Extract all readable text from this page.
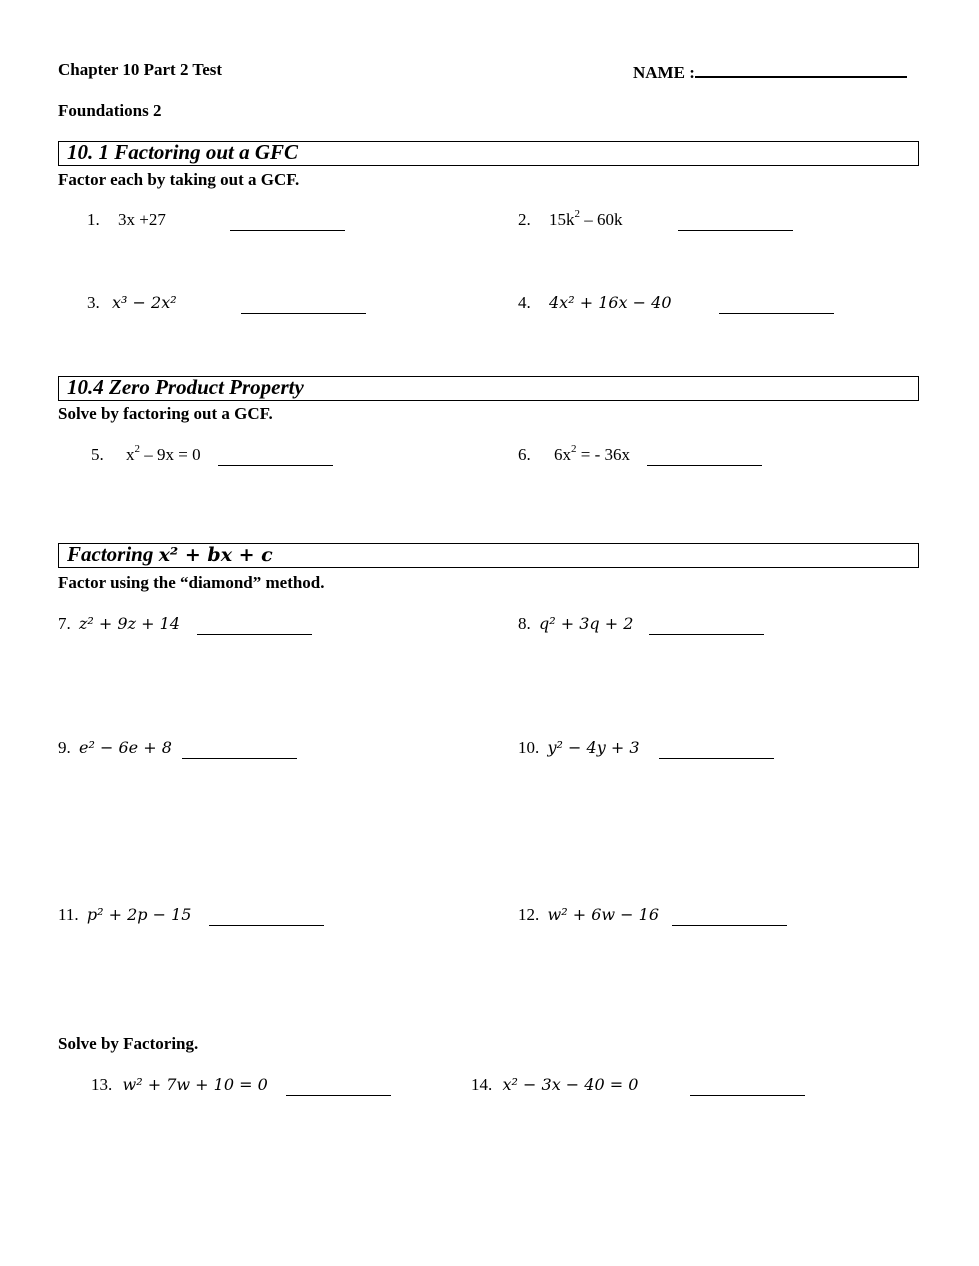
Chapter 10 Part 2 Test	NAME :
Foundations 2
10. 1 Factoring out a GFC
Factor each by taking out a GCF.
1. 3x +27	2. $15k^2 - 60k$
3. x³ − 2x²	4. 4x² + 16x − 40
10.4 Zero Product Property
Solve by factoring out a GCF.
5. $x^2 - 9x = 0$	6. $6x^2$ = - 36x
Factoring x² + bx + c
Factor using the “diamond” method.
7. z² + 9z + 14	8. q² + 3q + 2
9. e² − 6e + 8	10. y² − 4y + 3
11. p² + 2p − 15	12. w² + 6w − 16
Solve by Factoring.
13. w² + 7w + 10 = 0	14. x² − 3x − 40 = 0
